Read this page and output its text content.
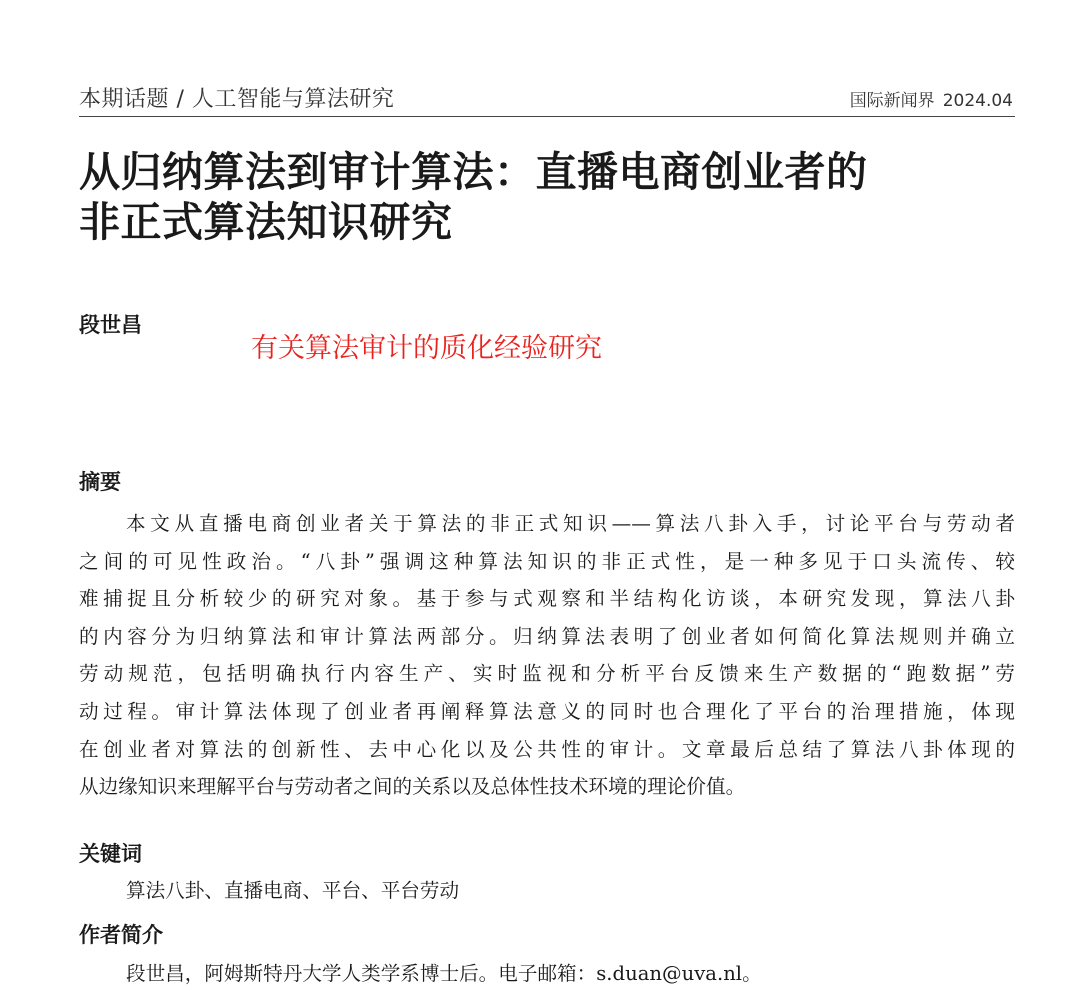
本期话题 / 人工智能与算法研究	国际新闻界 2024.04
从归纳算法到审计算法：直播电商创业者的
非正式算法知识研究
段世昌
有关算法审计的质化经验研究
摘要
本文从直播电商创业者关于算法的非正式知识——算法八卦入手，讨论平台与劳动者
之间的可见性政治。“八卦”强调这种算法知识的非正式性，是一种多见于口头流传、较
难捕捉且分析较少的研究对象。基于参与式观察和半结构化访谈，本研究发现，算法八卦
的内容分为归纳算法和审计算法两部分。归纳算法表明了创业者如何简化算法规则并确立
劳动规范，包括明确执行内容生产、实时监视和分析平台反馈来生产数据的“跑数据”劳
动过程。审计算法体现了创业者再阐释算法意义的同时也合理化了平台的治理措施，体现
在创业者对算法的创新性、去中心化以及公共性的审计。文章最后总结了算法八卦体现的
从边缘知识来理解平台与劳动者之间的关系以及总体性技术环境的理论价值。
关键词
算法八卦、直播电商、平台、平台劳动
作者简介
段世昌，阿姆斯特丹大学人类学系博士后。电子邮箱：s.duan@uva.nl。
